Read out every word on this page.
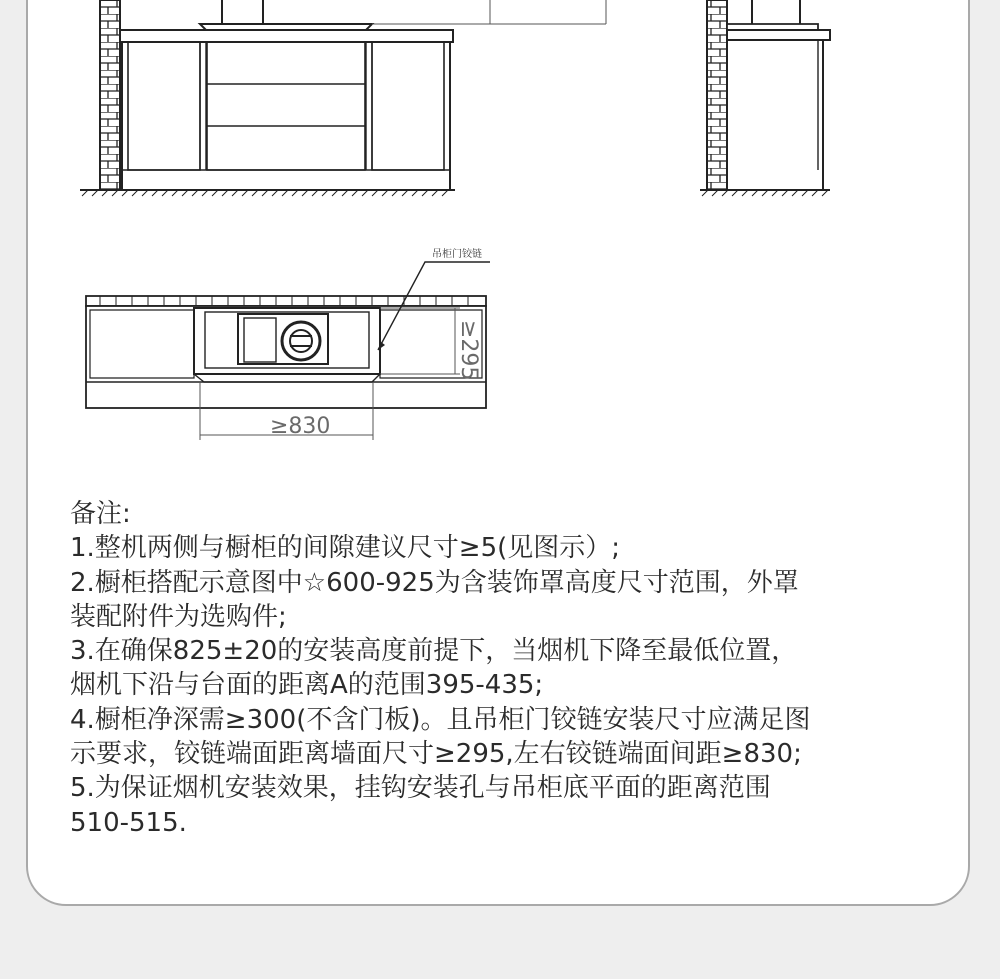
吊柜门铰链
≥295
≥830
备注:
1.整机两侧与橱柜的间隙建议尺寸≥5(见图示）;
2.橱柜搭配示意图中☆600-925为含装饰罩高度尺寸范围，外罩
装配附件为选购件;
3.在确保825±20的安装高度前提下，当烟机下降至最低位置，
烟机下沿与台面的距离A的范围395-435;
4.橱柜净深需≥300(不含门板)。且吊柜门铰链安装尺寸应满足图
示要求，铰链端面距离墙面尺寸≥295,左右铰链端面间距≥830;
5.为保证烟机安装效果，挂钩安装孔与吊柜底平面的距离范围
510-515.
